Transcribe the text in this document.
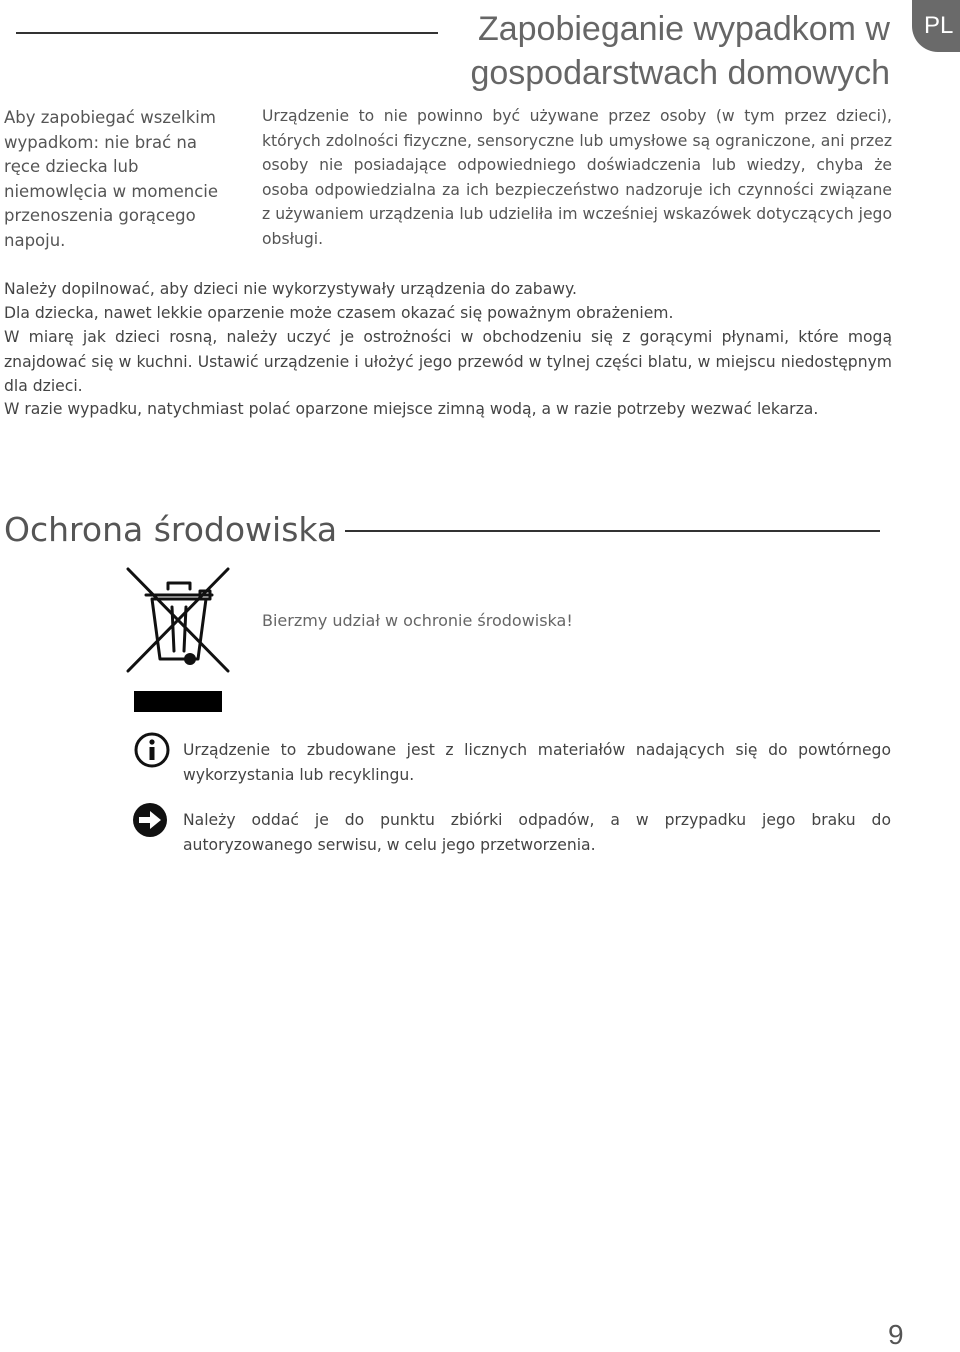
Zapobieganie wypadkom w
gospodarstwach domowych
PL
Aby zapobiegać wszelkim wypadkom: nie brać na ręce dziecka lub niemowlęcia w momencie przenoszenia gorącego napoju.
Urządzenie to nie powinno być używane przez osoby (w tym przez dzieci), których zdolności fizyczne, sensoryczne lub umysłowe są ograniczone, ani przez osoby nie posiadające odpowiedniego doświadczenia lub wiedzy, chyba że osoba odpowiedzialna za ich bezpieczeństwo nadzoruje ich czynności związane z używaniem urządzenia lub udzieliła im wcześniej wskazówek dotyczących jego obsługi.
Należy dopilnować, aby dzieci nie wykorzystywały urządzenia do zabawy.
Dla dziecka, nawet lekkie oparzenie może czasem okazać się poważnym obrażeniem.
W miarę jak dzieci rosną, należy uczyć je ostrożności w obchodzeniu się z gorącymi płynami, które mogą znajdować się w kuchni. Ustawić urządzenie i ułożyć jego przewód w tylnej części blatu, w miejscu niedostępnym dla dzieci.
W razie wypadku, natychmiast polać oparzone miejsce zimną wodą, a w razie potrzeby wezwać lekarza.
Ochrona środowiska
Bierzmy udział w ochronie środowiska!
Urządzenie to zbudowane jest z licznych materiałów nadających się do powtórnego wykorzystania lub recyklingu.
Należy oddać je do punktu zbiórki odpadów, a w przypadku jego braku do autoryzowanego serwisu, w celu jego przetworzenia.
9
